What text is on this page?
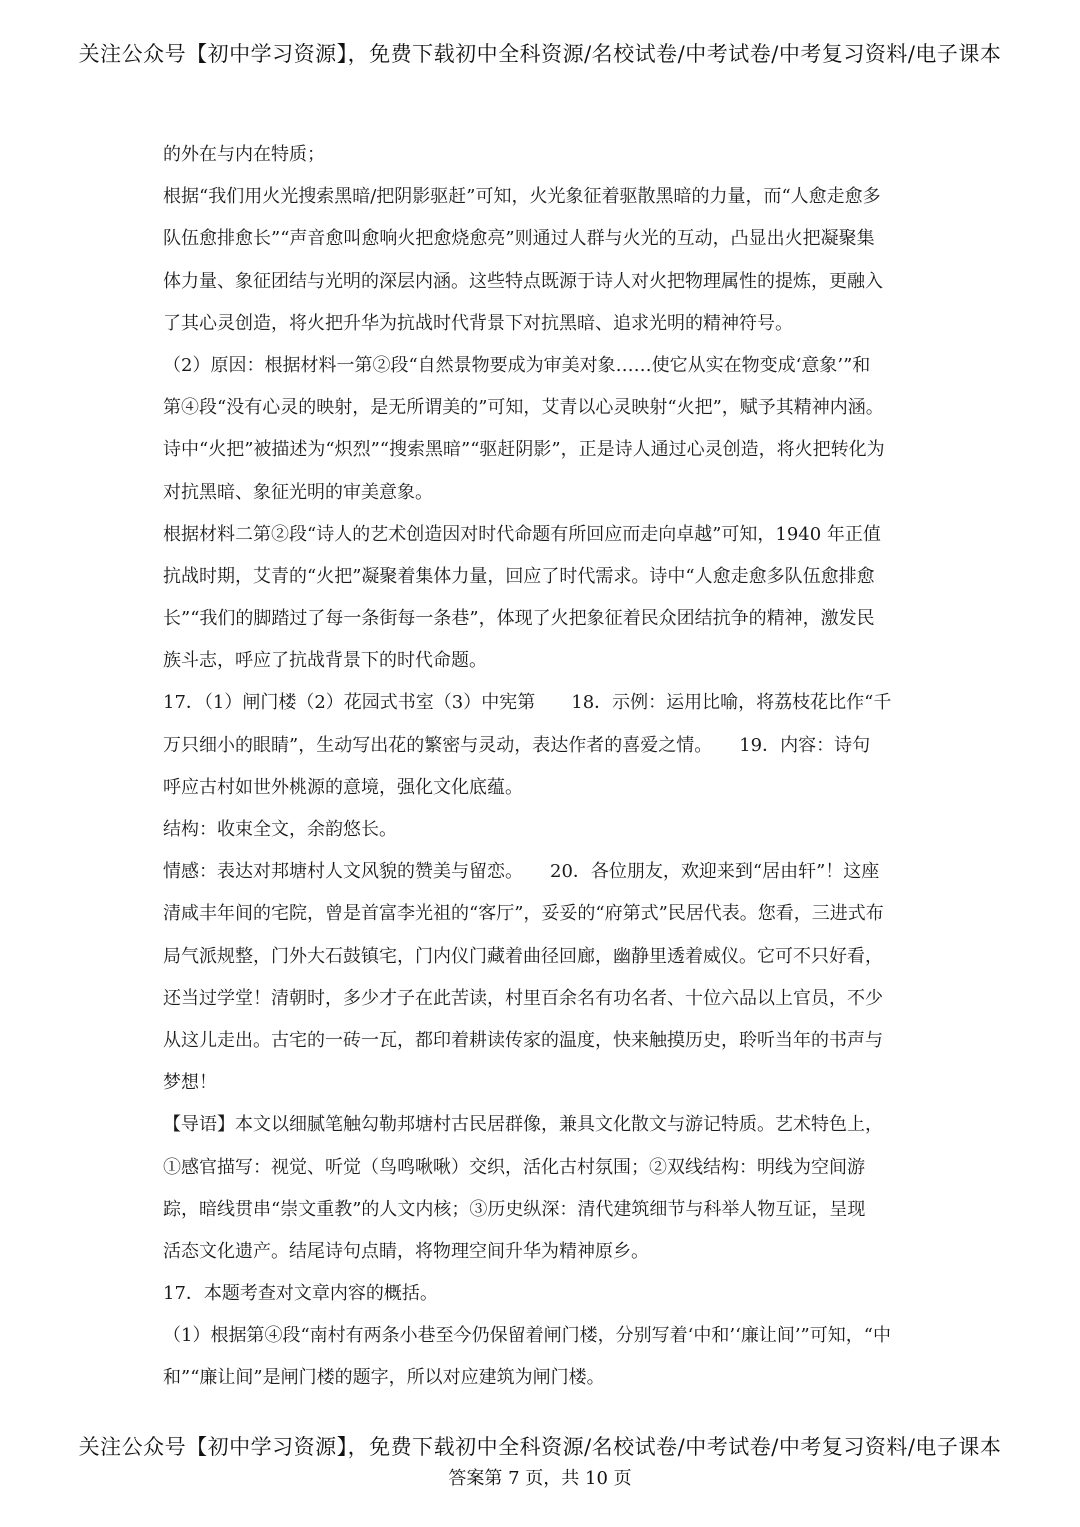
关注公众号【初中学习资源】，免费下载初中全科资源/名校试卷/中考试卷/中考复习资料/电子课本
的外在与内在特质；
根据“我们用火光搜索黑暗/把阴影驱赶”可知，火光象征着驱散黑暗的力量，而“人愈走愈多
队伍愈排愈长”“声音愈叫愈响火把愈烧愈亮”则通过人群与火光的互动，凸显出火把凝聚集
体力量、象征团结与光明的深层内涵。这些特点既源于诗人对火把物理属性的提炼，更融入
了其心灵创造，将火把升华为抗战时代背景下对抗黑暗、追求光明的精神符号。
（2）原因：根据材料一第②段“自然景物要成为审美对象……使它从实在物变成‘意象’”和
第④段“没有心灵的映射，是无所谓美的”可知，艾青以心灵映射“火把”，赋予其精神内涵。
诗中“火把”被描述为“炽烈”“搜索黑暗”“驱赶阴影”，正是诗人通过心灵创造，将火把转化为
对抗黑暗、象征光明的审美意象。
根据材料二第②段“诗人的艺术创造因对时代命题有所回应而走向卓越”可知，1940 年正值
抗战时期，艾青的“火把”凝聚着集体力量，回应了时代需求。诗中“人愈走愈多队伍愈排愈
长”“我们的脚踏过了每一条街每一条巷”，体现了火把象征着民众团结抗争的精神，激发民
族斗志，呼应了抗战背景下的时代命题。
17．（1）闸门楼（2）花园式书室（3）中宪第　　18．示例：运用比喻，将荔枝花比作“千
万只细小的眼睛”，生动写出花的繁密与灵动，表达作者的喜爱之情。　　19．内容：诗句
呼应古村如世外桃源的意境，强化文化底蕴。
结构：收束全文，余韵悠长。
情感：表达对邦塘村人文风貌的赞美与留恋。　　20．各位朋友，欢迎来到“居由轩”！这座
清咸丰年间的宅院，曾是首富李光祖的“客厅”，妥妥的“府第式”民居代表。您看，三进式布
局气派规整，门外大石鼓镇宅，门内仪门藏着曲径回廊，幽静里透着威仪。它可不只好看，
还当过学堂！清朝时，多少才子在此苦读，村里百余名有功名者、十位六品以上官员，不少
从这儿走出。古宅的一砖一瓦，都印着耕读传家的温度，快来触摸历史，聆听当年的书声与
梦想！
【导语】本文以细腻笔触勾勒邦塘村古民居群像，兼具文化散文与游记特质。艺术特色上，
①感官描写：视觉、听觉（鸟鸣啾啾）交织，活化古村氛围；②双线结构：明线为空间游
踪，暗线贯串“崇文重教”的人文内核；③历史纵深：清代建筑细节与科举人物互证，呈现
活态文化遗产。结尾诗句点睛，将物理空间升华为精神原乡。
17．本题考查对文章内容的概括。
（1）根据第④段“南村有两条小巷至今仍保留着闸门楼，分别写着‘中和’‘廉让间’”可知，“中
和”“廉让间”是闸门楼的题字，所以对应建筑为闸门楼。
关注公众号【初中学习资源】，免费下载初中全科资源/名校试卷/中考试卷/中考复习资料/电子课本
答案第 7 页，共 10 页
